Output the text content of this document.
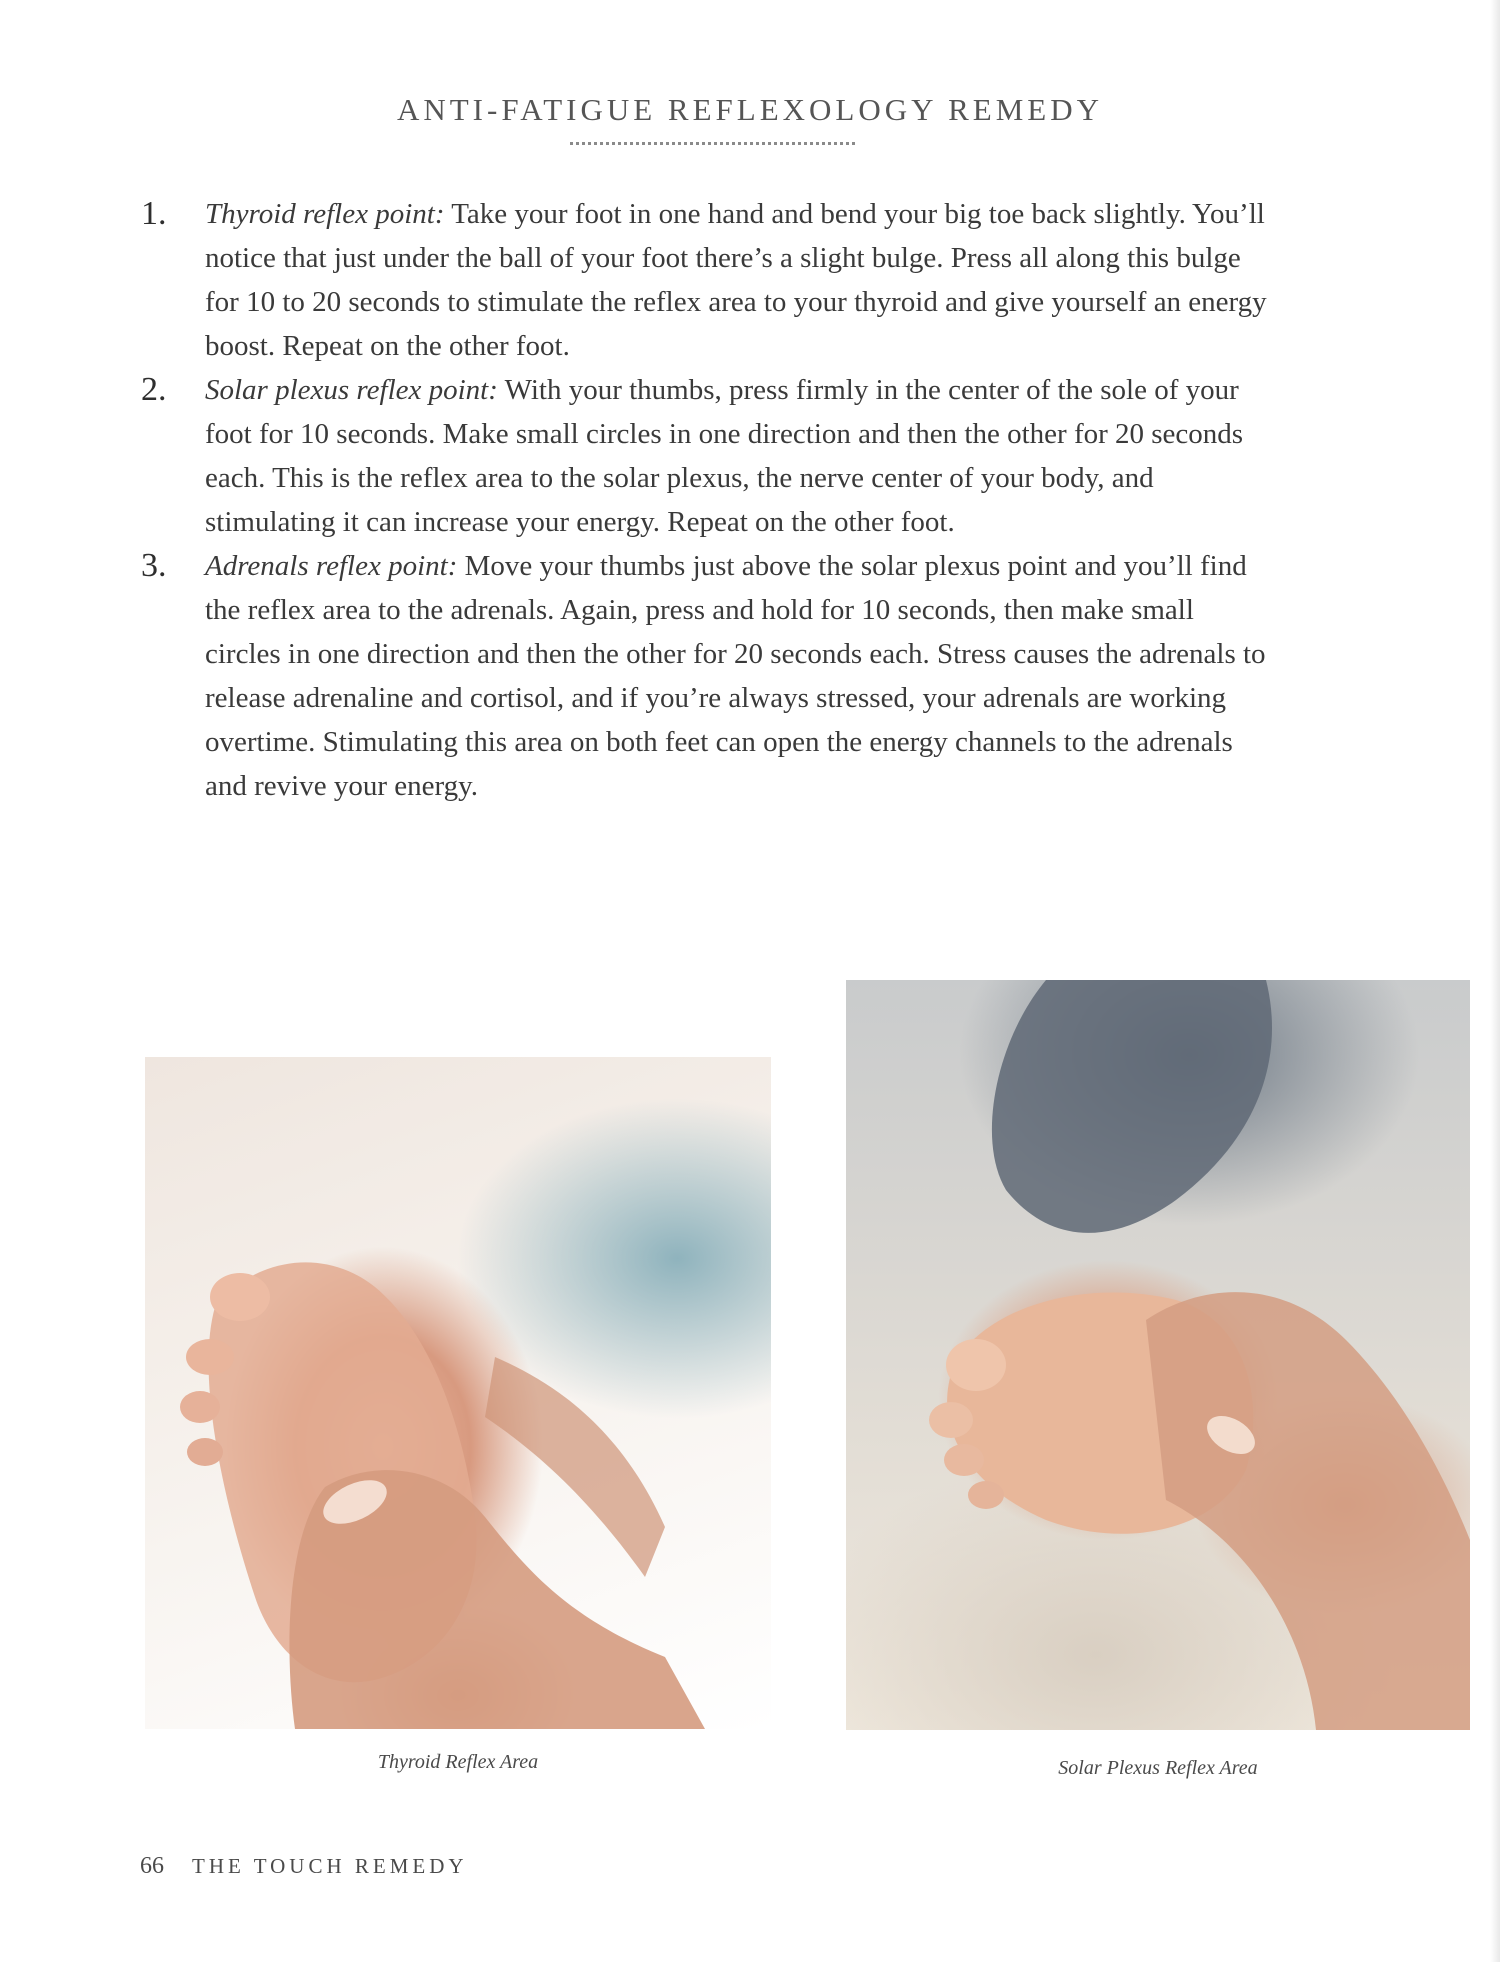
ANTI-FATIGUE REFLEXOLOGY REMEDY
1. Thyroid reflex point: Take your foot in one hand and bend your big toe back slightly. You’ll notice that just under the ball of your foot there’s a slight bulge. Press all along this bulge for 10 to 20 seconds to stimulate the reflex area to your thyroid and give yourself an energy boost. Repeat on the other foot.
2. Solar plexus reflex point: With your thumbs, press firmly in the center of the sole of your foot for 10 seconds. Make small circles in one direction and then the other for 20 seconds each. This is the reflex area to the solar plexus, the nerve center of your body, and stimulating it can increase your energy. Repeat on the other foot.
3. Adrenals reflex point: Move your thumbs just above the solar plexus point and you’ll find the reflex area to the adrenals. Again, press and hold for 10 seconds, then make small circles in one direction and then the other for 20 seconds each. Stress causes the adrenals to release adrenaline and cortisol, and if you’re always stressed, your adrenals are working overtime. Stimulating this area on both feet can open the energy channels to the adrenals and revive your energy.
Thyroid Reflex Area	Solar Plexus Reflex Area
66 THE TOUCH REMEDY
